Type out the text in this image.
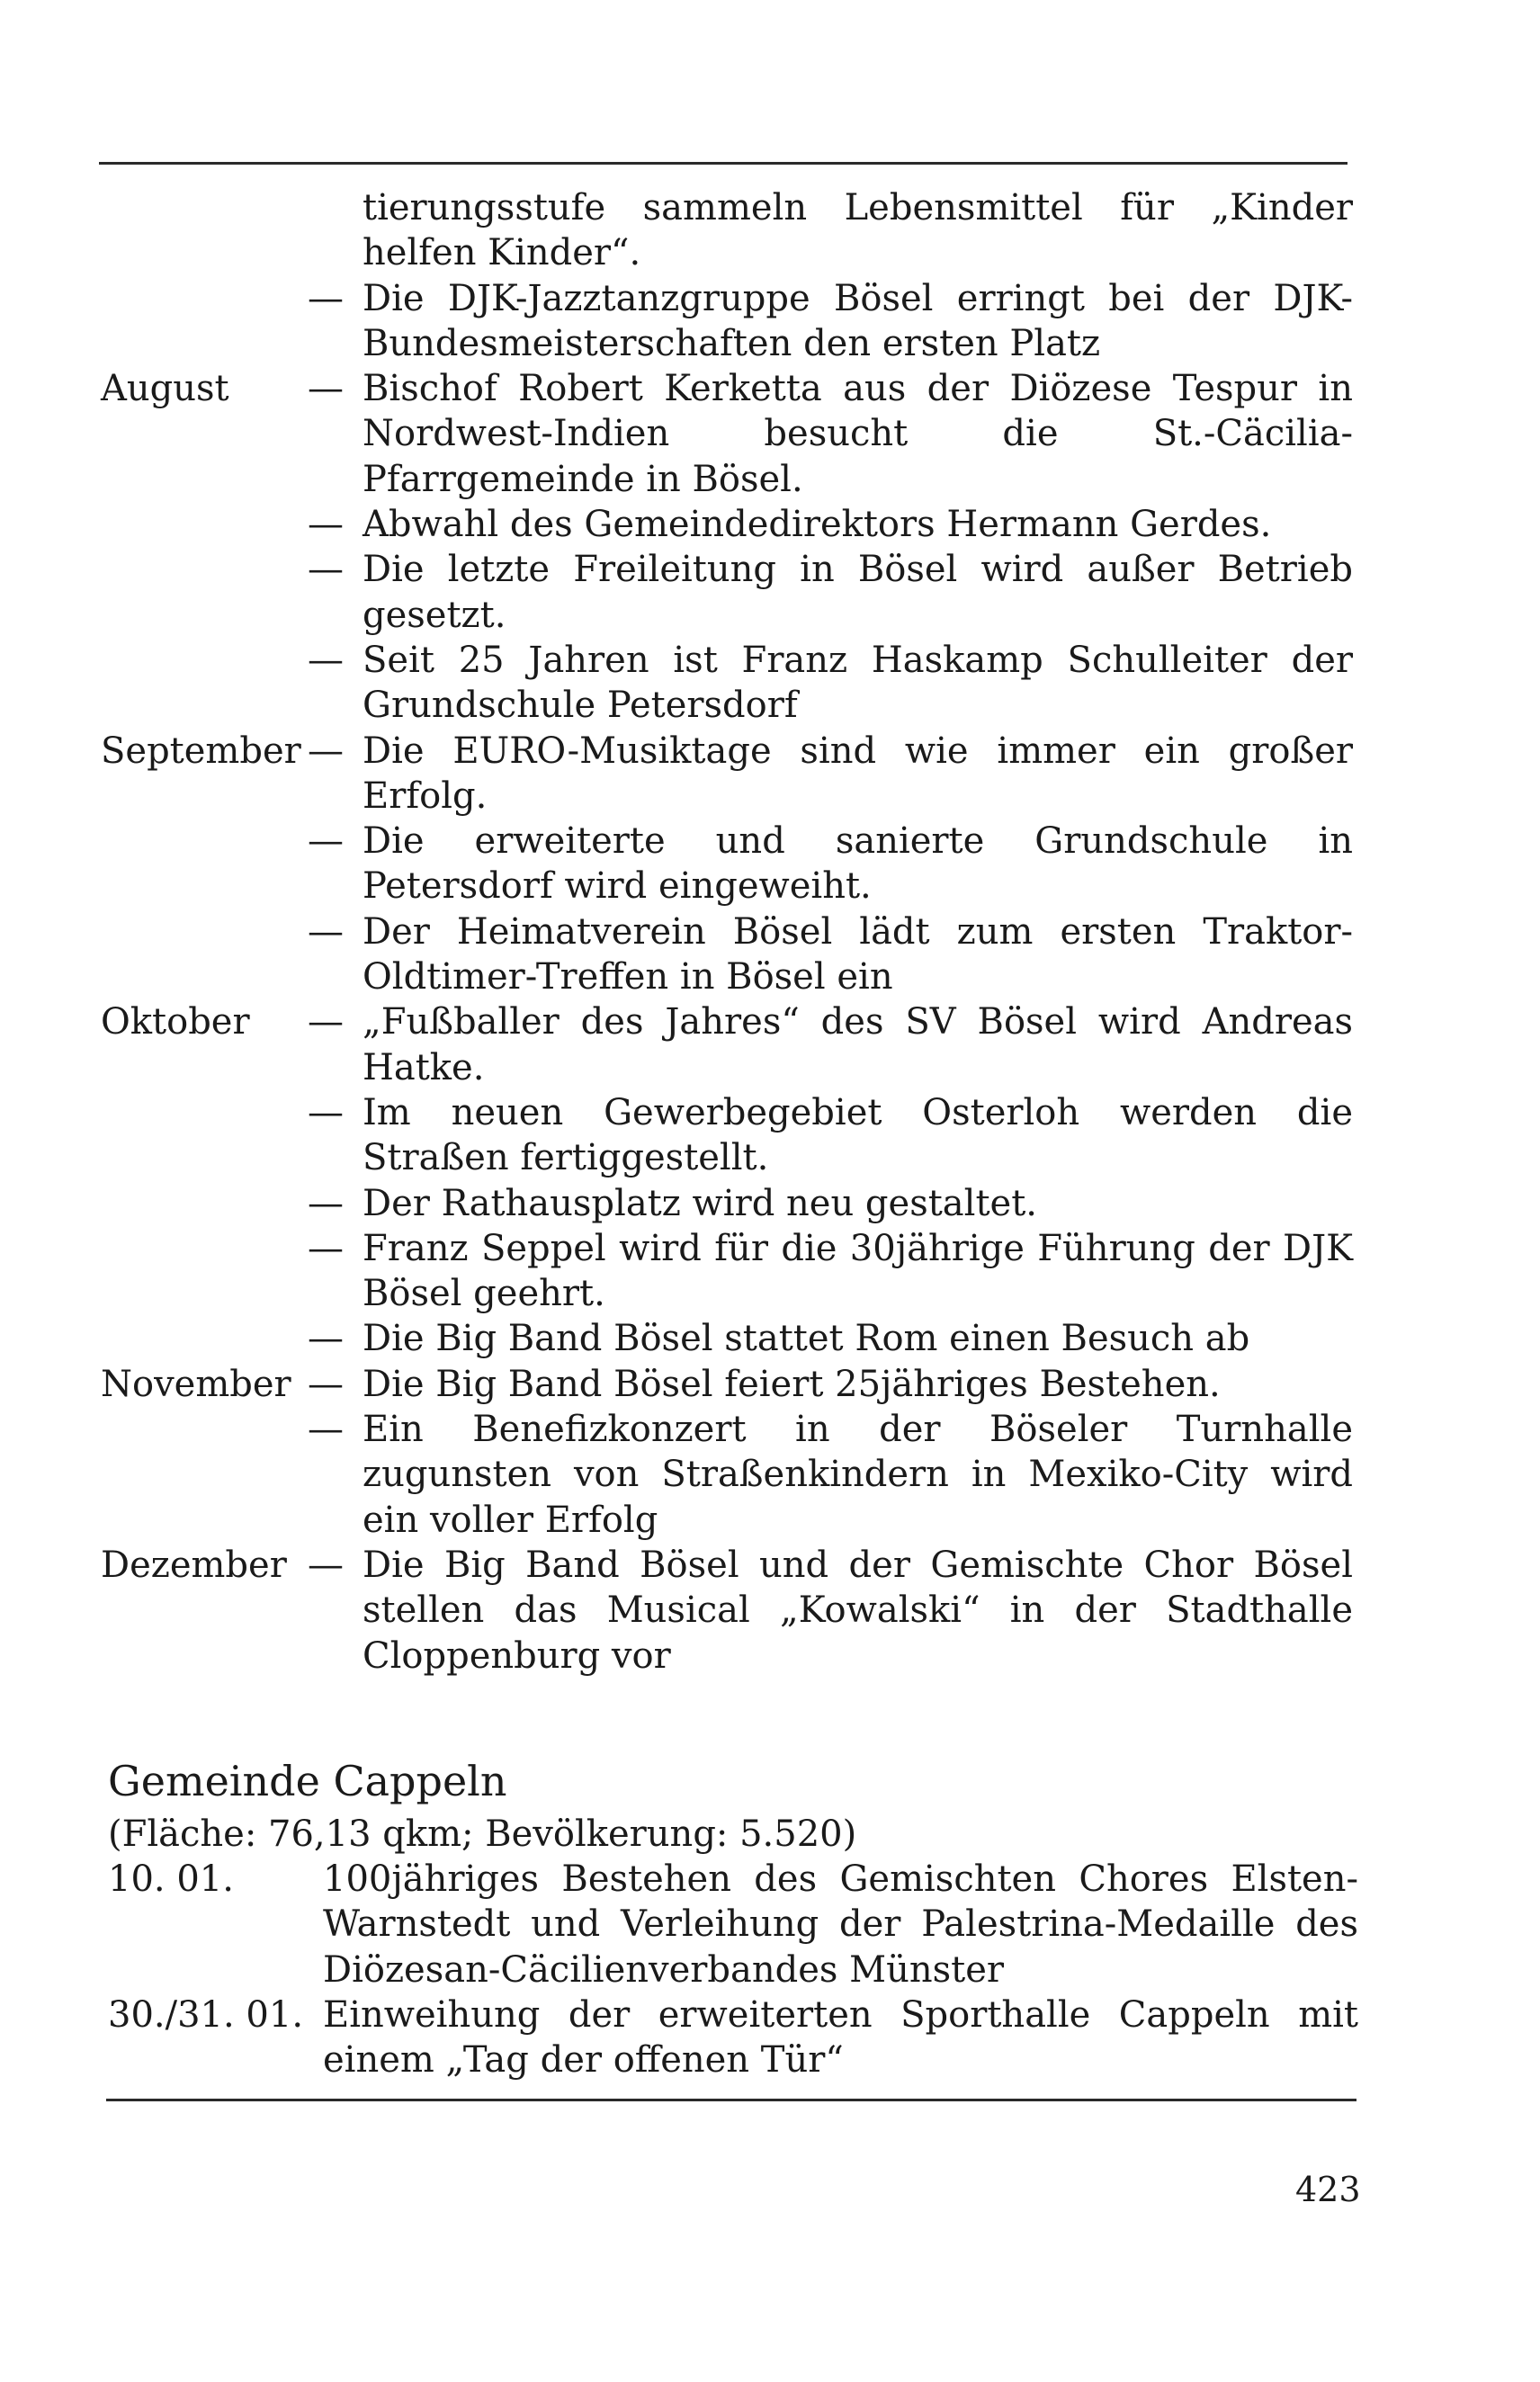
tierungsstufe sammeln Lebensmittel für „Kinder helfen Kinder“.
— Die DJK-Jazztanzgruppe Bösel erringt bei der DJK-Bundesmeisterschaften den ersten Platz
August	— Bischof Robert Kerketta aus der Diözese Tespur in Nordwest-Indien besucht die St.-Cäcilia-Pfarrgemeinde in Bösel.
— Abwahl des Gemeindedirektors Hermann Gerdes.
— Die letzte Freileitung in Bösel wird außer Betrieb gesetzt.
— Seit 25 Jahren ist Franz Haskamp Schulleiter der Grundschule Petersdorf
September — Die EURO-Musiktage sind wie immer ein großer Erfolg.
— Die erweiterte und sanierte Grundschule in Petersdorf wird eingeweiht.
— Der Heimatverein Bösel lädt zum ersten Traktor-Oldtimer-Treffen in Bösel ein
Oktober	— „Fußballer des Jahres“ des SV Bösel wird Andreas Hatke.
— Im neuen Gewerbegebiet Osterloh werden die Straßen fertiggestellt.
— Der Rathausplatz wird neu gestaltet.
— Franz Seppel wird für die 30jährige Führung der DJK Bösel geehrt.
— Die Big Band Bösel stattet Rom einen Besuch ab
November — Die Big Band Bösel feiert 25jähriges Bestehen.
— Ein Benefizkonzert in der Böseler Turnhalle zugunsten von Straßenkindern in Mexiko-City wird ein voller Erfolg
Dezember — Die Big Band Bösel und der Gemischte Chor Bösel stellen das Musical „Kowalski“ in der Stadthalle Cloppenburg vor
Gemeinde Cappeln
(Fläche: 76,13 qkm; Bevölkerung: 5.520)
10. 01.	100jähriges Bestehen des Gemischten Chores Elsten-Warnstedt und Verleihung der Palestrina-Medaille des Diözesan-Cäcilienverbandes Münster
30./31. 01. Einweihung der erweiterten Sporthalle Cappeln mit einem „Tag der offenen Tür“
423
